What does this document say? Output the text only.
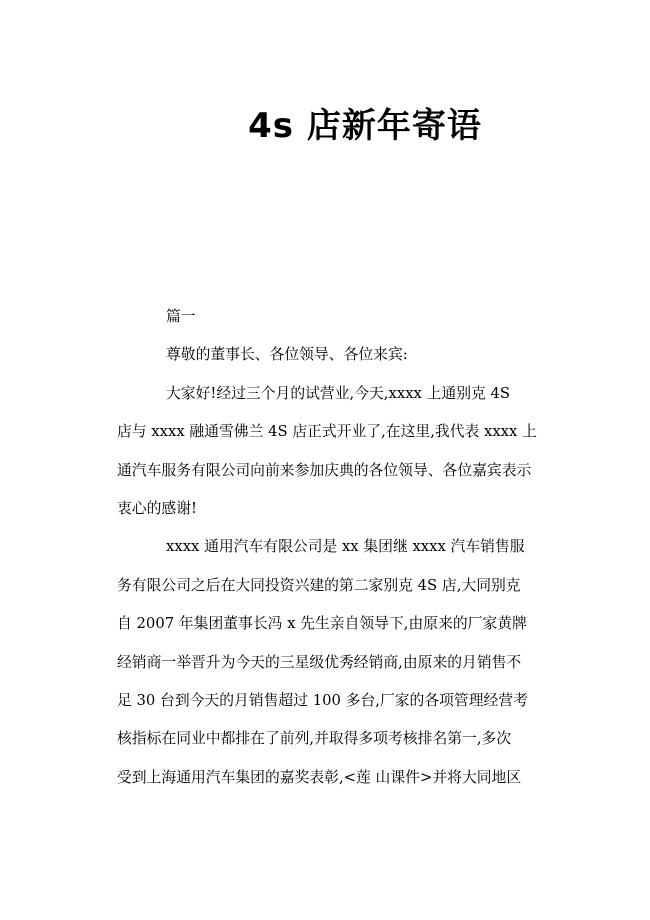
4s 店新年寄语

篇一

尊敬的董事长、各位领导、各位来宾:

大家好!经过三个月的试营业,今天,xxxx 上通别克 4S

店与 xxxx 融通雪佛兰 4S 店正式开业了,在这里,我代表 xxxx 上

通汽车服务有限公司向前来参加庆典的各位领导、各位嘉宾表示

衷心的感谢!

xxxx 通用汽车有限公司是 xx 集团继 xxxx 汽车销售服

务有限公司之后在大同投资兴建的第二家别克 4S 店,大同别克

自 2007 年集团董事长冯 x 先生亲自领导下,由原来的厂家黄牌

经销商一举晋升为今天的三星级优秀经销商,由原来的月销售不

足 30 台到今天的月销售超过 100 多台,厂家的各项管理经营考

核指标在同业中都排在了前列,并取得多项考核排名第一,多次

受到上海通用汽车集团的嘉奖表彰,<莲 山课件>并将大同地区
